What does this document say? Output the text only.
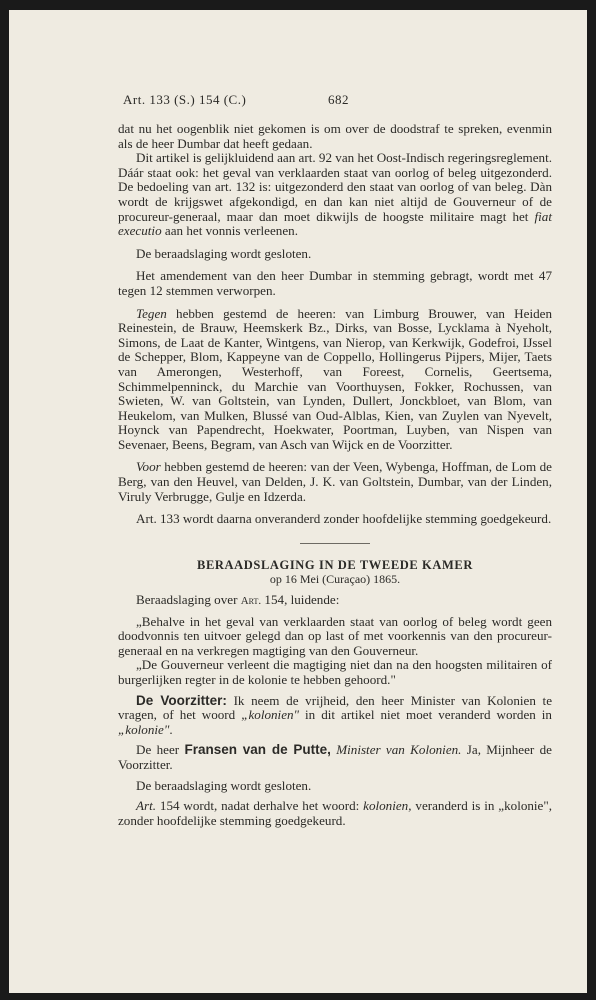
Art. 133 (S.) 154 (C.)	682

dat nu het oogenblik niet gekomen is om over de doodstraf te spreken, evenmin als de heer Dumbar dat heeft gedaan.

Dit artikel is gelijkluidend aan art. 92 van het Oost-Indisch regeringsreglement. Dáár staat ook: het geval van verklaarden staat van oorlog of beleg uitgezonderd. De bedoeling van art. 132 is: uitgezonderd den staat van oorlog of van beleg. Dàn wordt de krijgswet afgekondigd, en dan kan niet altijd de Gouverneur of de procureur-generaal, maar dan moet dikwijls de hoogste militaire magt het fiat executio aan het vonnis verleenen.

De beraadslaging wordt gesloten.

Het amendement van den heer Dumbar in stemming gebragt, wordt met 47 tegen 12 stemmen verworpen.

Tegen hebben gestemd de heeren: van Limburg Brouwer, van Heiden Reinestein, de Brauw, Heemskerk Bz., Dirks, van Bosse, Lycklama à Nyeholt, Simons, de Laat de Kanter, Wintgens, van Nierop, van Kerkwijk, Godefroi, IJssel de Schepper, Blom, Kappeyne van de Coppello, Hollingerus Pijpers, Mijer, Taets van Amerongen, Westerhoff, van Foreest, Cornelis, Geertsema, Schimmelpenninck, du Marchie van Voorthuysen, Fokker, Rochussen, van Swieten, W. van Goltstein, van Lynden, Dullert, Jonckbloet, van Blom, van Heukelom, van Mulken, Blussé van Oud-Alblas, Kien, van Zuylen van Nyevelt, Hoynck van Papendrecht, Hoekwater, Poortman, Luyben, van Nispen van Sevenaer, Beens, Begram, van Asch van Wijck en de Voorzitter.

Voor hebben gestemd de heeren: van der Veen, Wybenga, Hoffman, de Lom de Berg, van den Heuvel, van Delden, J. K. van Goltstein, Dumbar, van der Linden, Viruly Verbrugge, Gulje en Idzerda.

Art. 133 wordt daarna onveranderd zonder hoofdelijke stemming goedgekeurd.

BERAADSLAGING IN DE TWEEDE KAMER

op 16 Mei (Curaçao) 1865.

Beraadslaging over Art. 154, luidende:

„Behalve in het geval van verklaarden staat van oorlog of beleg wordt geen doodvonnis ten uitvoer gelegd dan op last of met voorkennis van den procureur-generaal en na verkregen magtiging van den Gouverneur.

„De Gouverneur verleent die magtiging niet dan na den hoogsten militairen of burgerlijken regter in de kolonie te hebben gehoord."

De Voorzitter: Ik neem de vrijheid, den heer Minister van Kolonien te vragen, of het woord „kolonien" in dit artikel niet moet veranderd worden in „kolonie".

De heer Fransen van de Putte, Minister van Kolonien. Ja, Mijnheer de Voorzitter.

De beraadslaging wordt gesloten.

Art. 154 wordt, nadat derhalve het woord: kolonien, veranderd is in „kolonie", zonder hoofdelijke stemming goedgekeurd.
